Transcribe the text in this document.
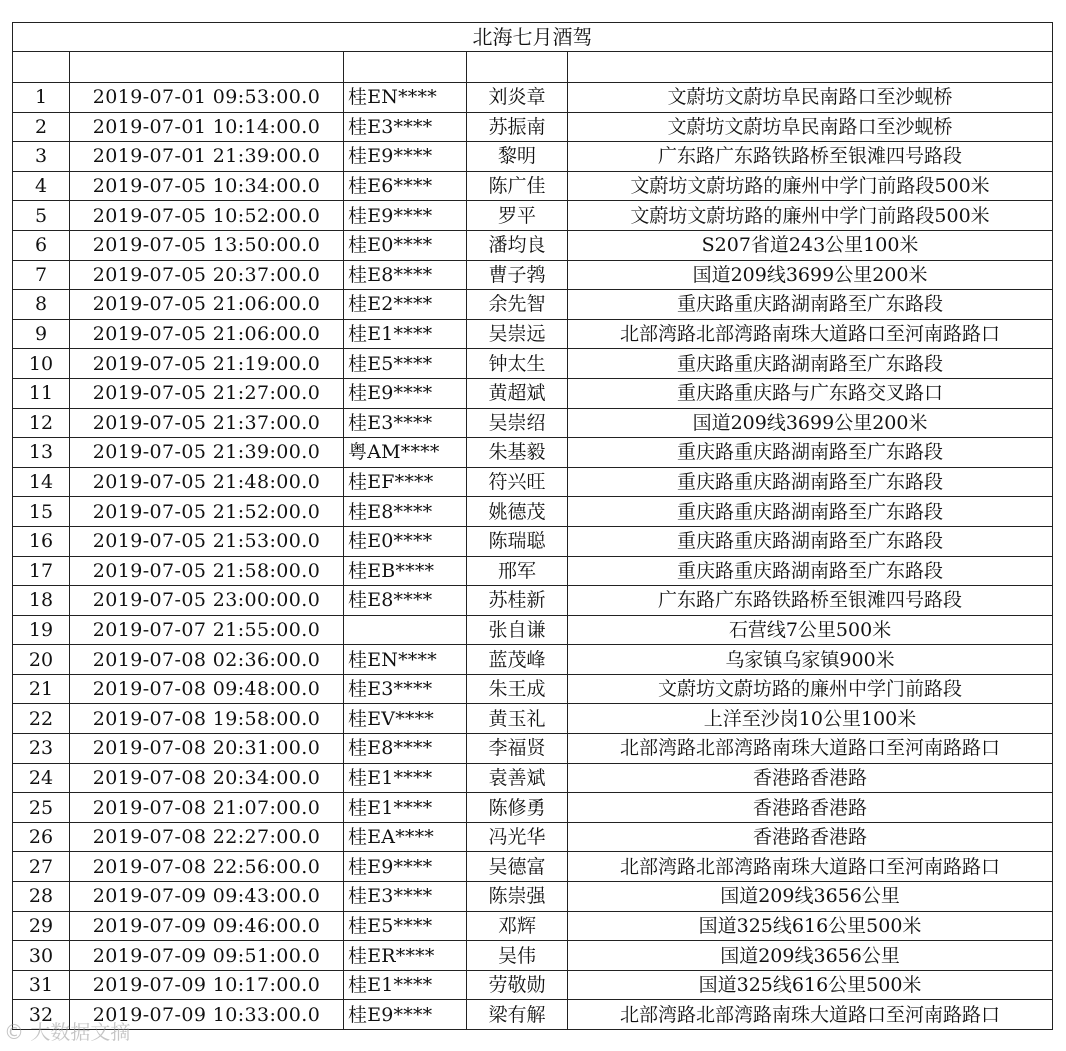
北海七月酒驾				

1	2019-07-01 09:53:00.0	桂EN****	刘炎章	文蔚坊文蔚坊阜民南路口至沙蚬桥
2	2019-07-01 10:14:00.0	桂E3****	苏振南	文蔚坊文蔚坊阜民南路口至沙蚬桥
3	2019-07-01 21:39:00.0	桂E9****	黎明	广东路广东路铁路桥至银滩四号路段
4	2019-07-05 10:34:00.0	桂E6****	陈广佳	文蔚坊文蔚坊路的廉州中学门前路段500米
5	2019-07-05 10:52:00.0	桂E9****	罗平	文蔚坊文蔚坊路的廉州中学门前路段500米
6	2019-07-05 13:50:00.0	桂E0****	潘均良	S207省道243公里100米
7	2019-07-05 20:37:00.0	桂E8****	曹子鹁	国道209线3699公里200米
8	2019-07-05 21:06:00.0	桂E2****	余先智	重庆路重庆路湖南路至广东路段
9	2019-07-05 21:06:00.0	桂E1****	吴崇远	北部湾路北部湾路南珠大道路口至河南路路口
10	2019-07-05 21:19:00.0	桂E5****	钟太生	重庆路重庆路湖南路至广东路段
11	2019-07-05 21:27:00.0	桂E9****	黄超斌	重庆路重庆路与广东路交叉路口
12	2019-07-05 21:37:00.0	桂E3****	吴崇绍	国道209线3699公里200米
13	2019-07-05 21:39:00.0	粤AM****	朱基毅	重庆路重庆路湖南路至广东路段
14	2019-07-05 21:48:00.0	桂EF****	符兴旺	重庆路重庆路湖南路至广东路段
15	2019-07-05 21:52:00.0	桂E8****	姚德茂	重庆路重庆路湖南路至广东路段
16	2019-07-05 21:53:00.0	桂E0****	陈瑞聪	重庆路重庆路湖南路至广东路段
17	2019-07-05 21:58:00.0	桂EB****	邢军	重庆路重庆路湖南路至广东路段
18	2019-07-05 23:00:00.0	桂E8****	苏桂新	广东路广东路铁路桥至银滩四号路段
19	2019-07-07 21:55:00.0		张自谦	石营线7公里500米
20	2019-07-08 02:36:00.0	桂EN****	蓝茂峰	乌家镇乌家镇900米
21	2019-07-08 09:48:00.0	桂E3****	朱王成	文蔚坊文蔚坊路的廉州中学门前路段
22	2019-07-08 19:58:00.0	桂EV****	黄玉礼	上洋至沙岗10公里100米
23	2019-07-08 20:31:00.0	桂E8****	李福贤	北部湾路北部湾路南珠大道路口至河南路路口
24	2019-07-08 20:34:00.0	桂E1****	袁善斌	香港路香港路
25	2019-07-08 21:07:00.0	桂E1****	陈修勇	香港路香港路
26	2019-07-08 22:27:00.0	桂EA****	冯光华	香港路香港路
27	2019-07-08 22:56:00.0	桂E9****	吴德富	北部湾路北部湾路南珠大道路口至河南路路口
28	2019-07-09 09:43:00.0	桂E3****	陈崇强	国道209线3656公里
29	2019-07-09 09:46:00.0	桂E5****	邓辉	国道325线616公里500米
30	2019-07-09 09:51:00.0	桂ER****	吴伟	国道209线3656公里
31	2019-07-09 10:17:00.0	桂E1****	劳敬勋	国道325线616公里500米
32	2019-07-09 10:33:00.0	桂E9****	梁有解	北部湾路北部湾路南珠大道路口至河南路路口
© 大数据文摘
